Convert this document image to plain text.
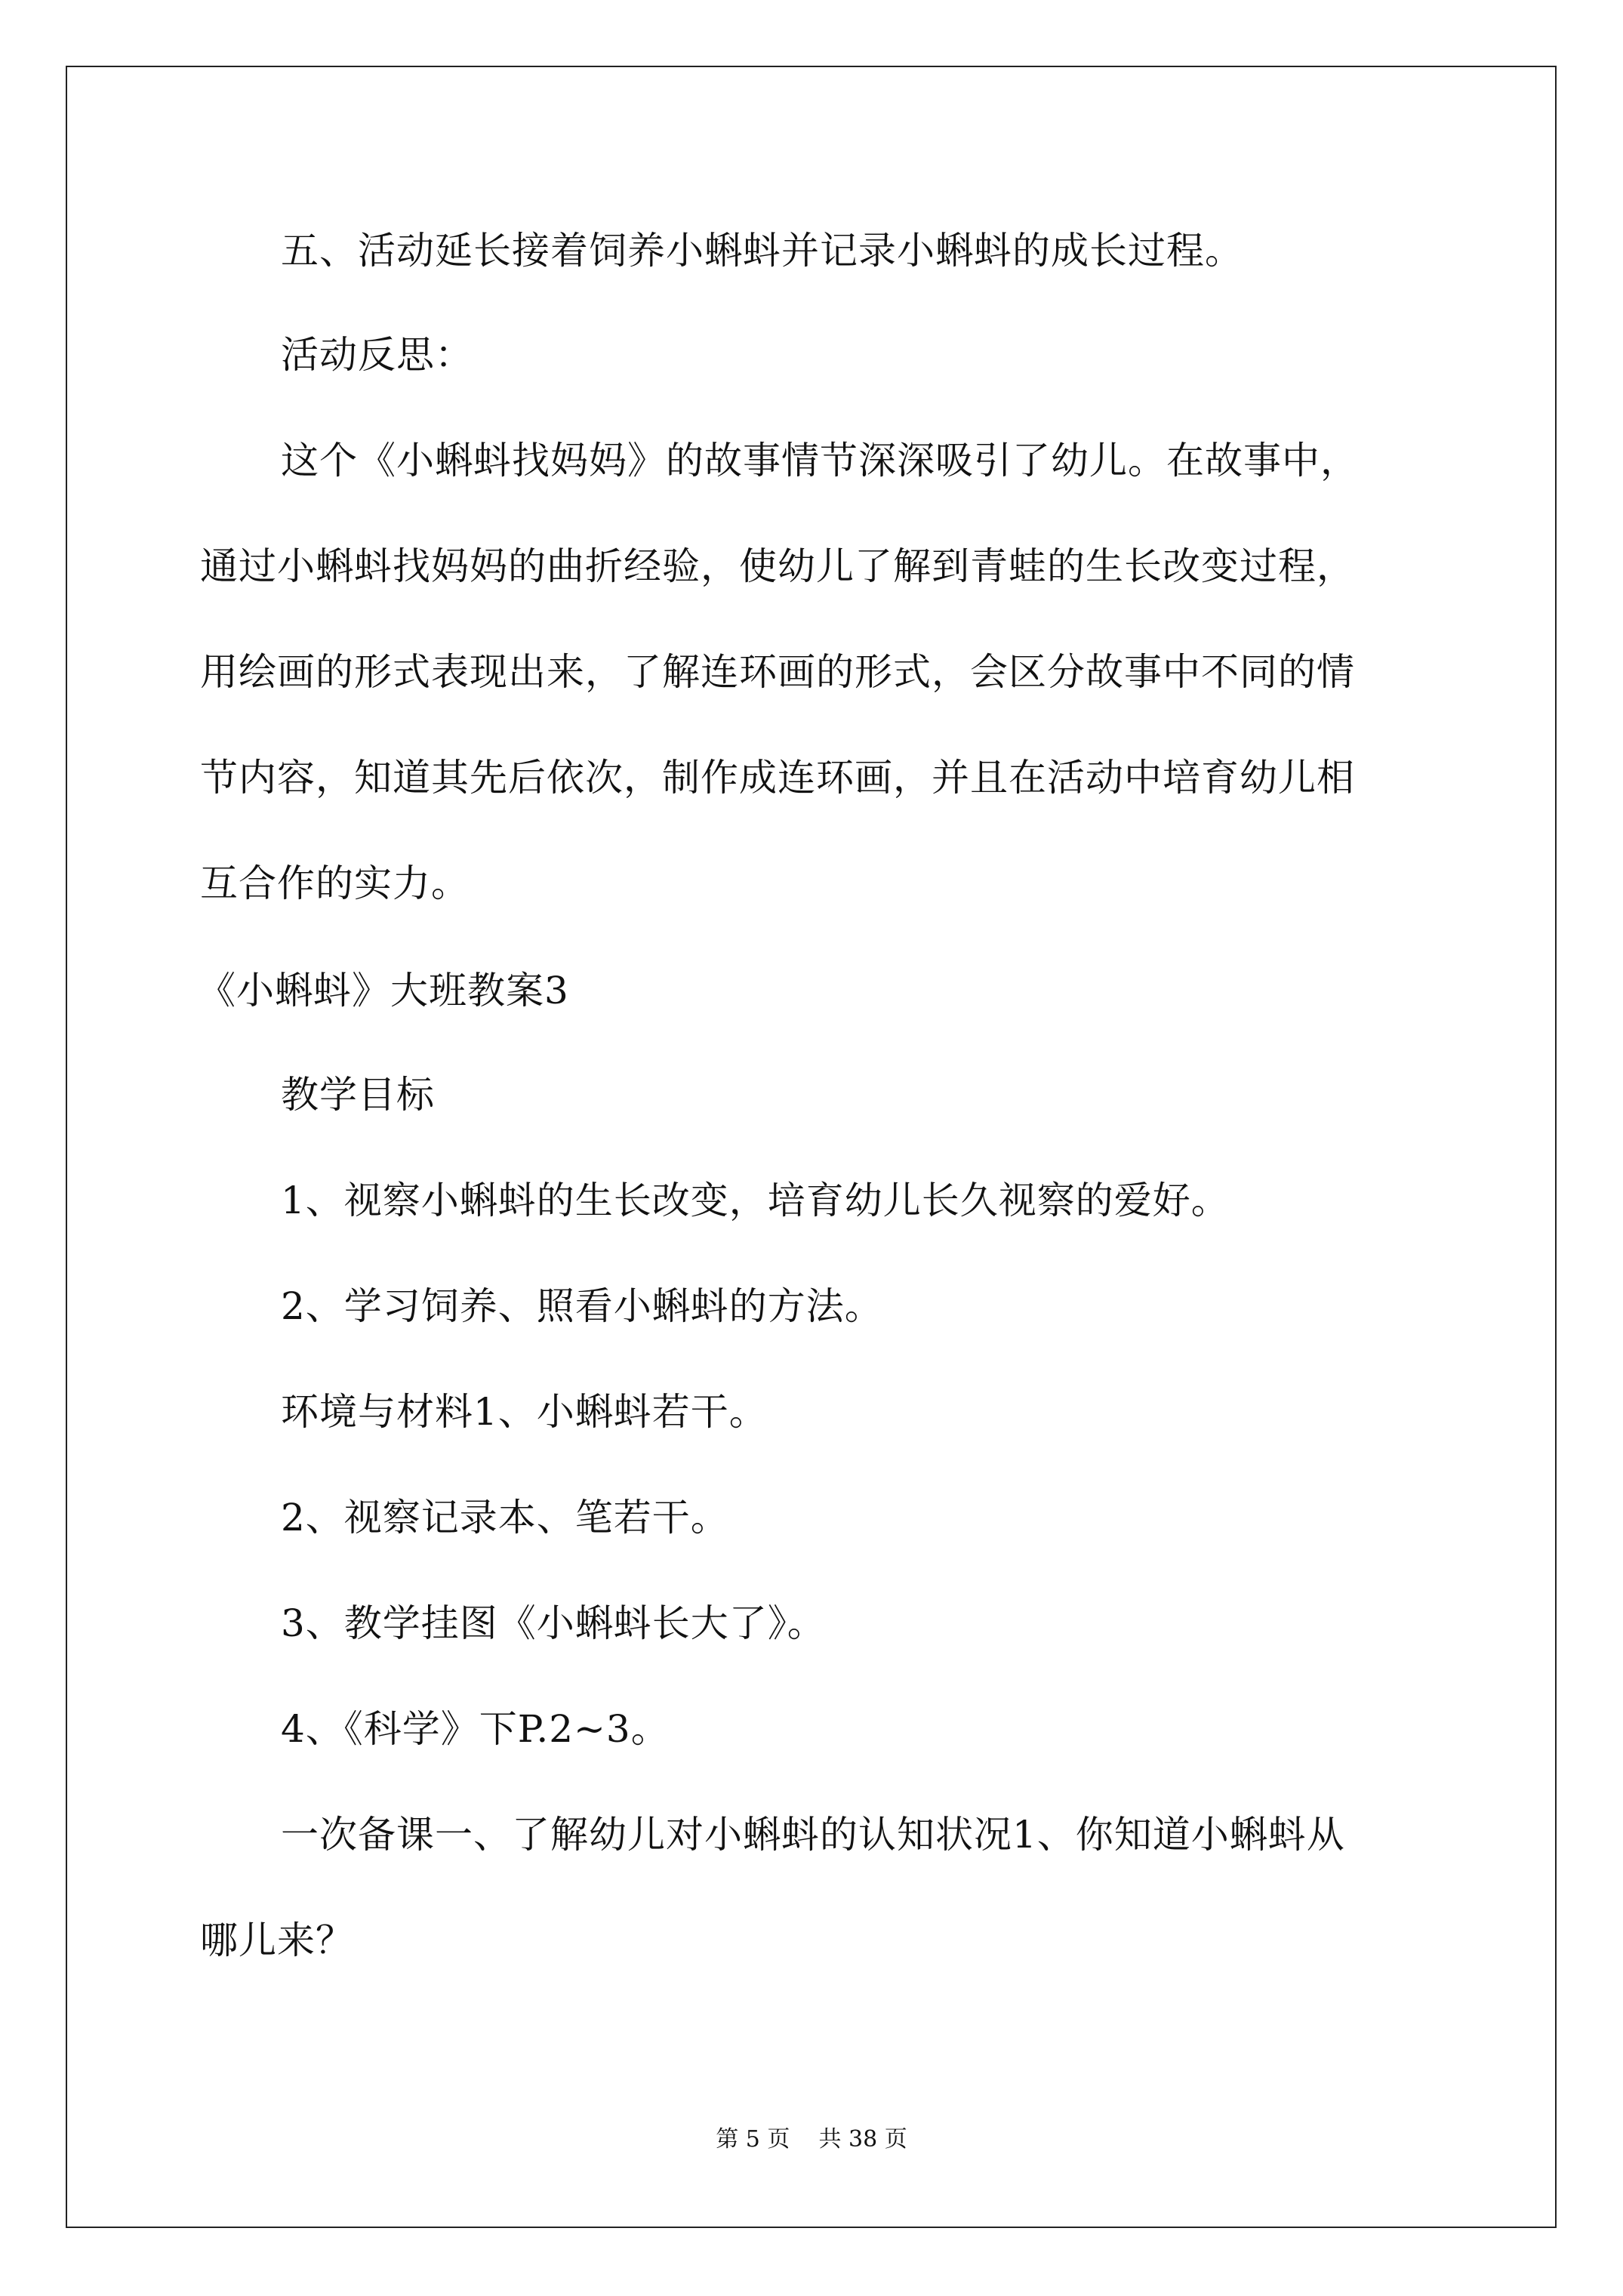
五、活动延长接着饲养小蝌蚪并记录小蝌蚪的成长过程。

活动反思：

这个《小蝌蚪找妈妈》的故事情节深深吸引了幼儿。在故事中，

通过小蝌蚪找妈妈的曲折经验，使幼儿了解到青蛙的生长改变过程，

用绘画的形式表现出来，了解连环画的形式，会区分故事中不同的情

节内容，知道其先后依次，制作成连环画，并且在活动中培育幼儿相

互合作的实力。

《小蝌蚪》大班教案3

教学目标

1、视察小蝌蚪的生长改变，培育幼儿长久视察的爱好。

2、学习饲养、照看小蝌蚪的方法。

环境与材料1、小蝌蚪若干。

2、视察记录本、笔若干。

3、教学挂图《小蝌蚪长大了》。

4、《科学》下P.2~3。

一次备课一、了解幼儿对小蝌蚪的认知状况1、你知道小蝌蚪从

哪儿来？

第 5 页    共 38 页
